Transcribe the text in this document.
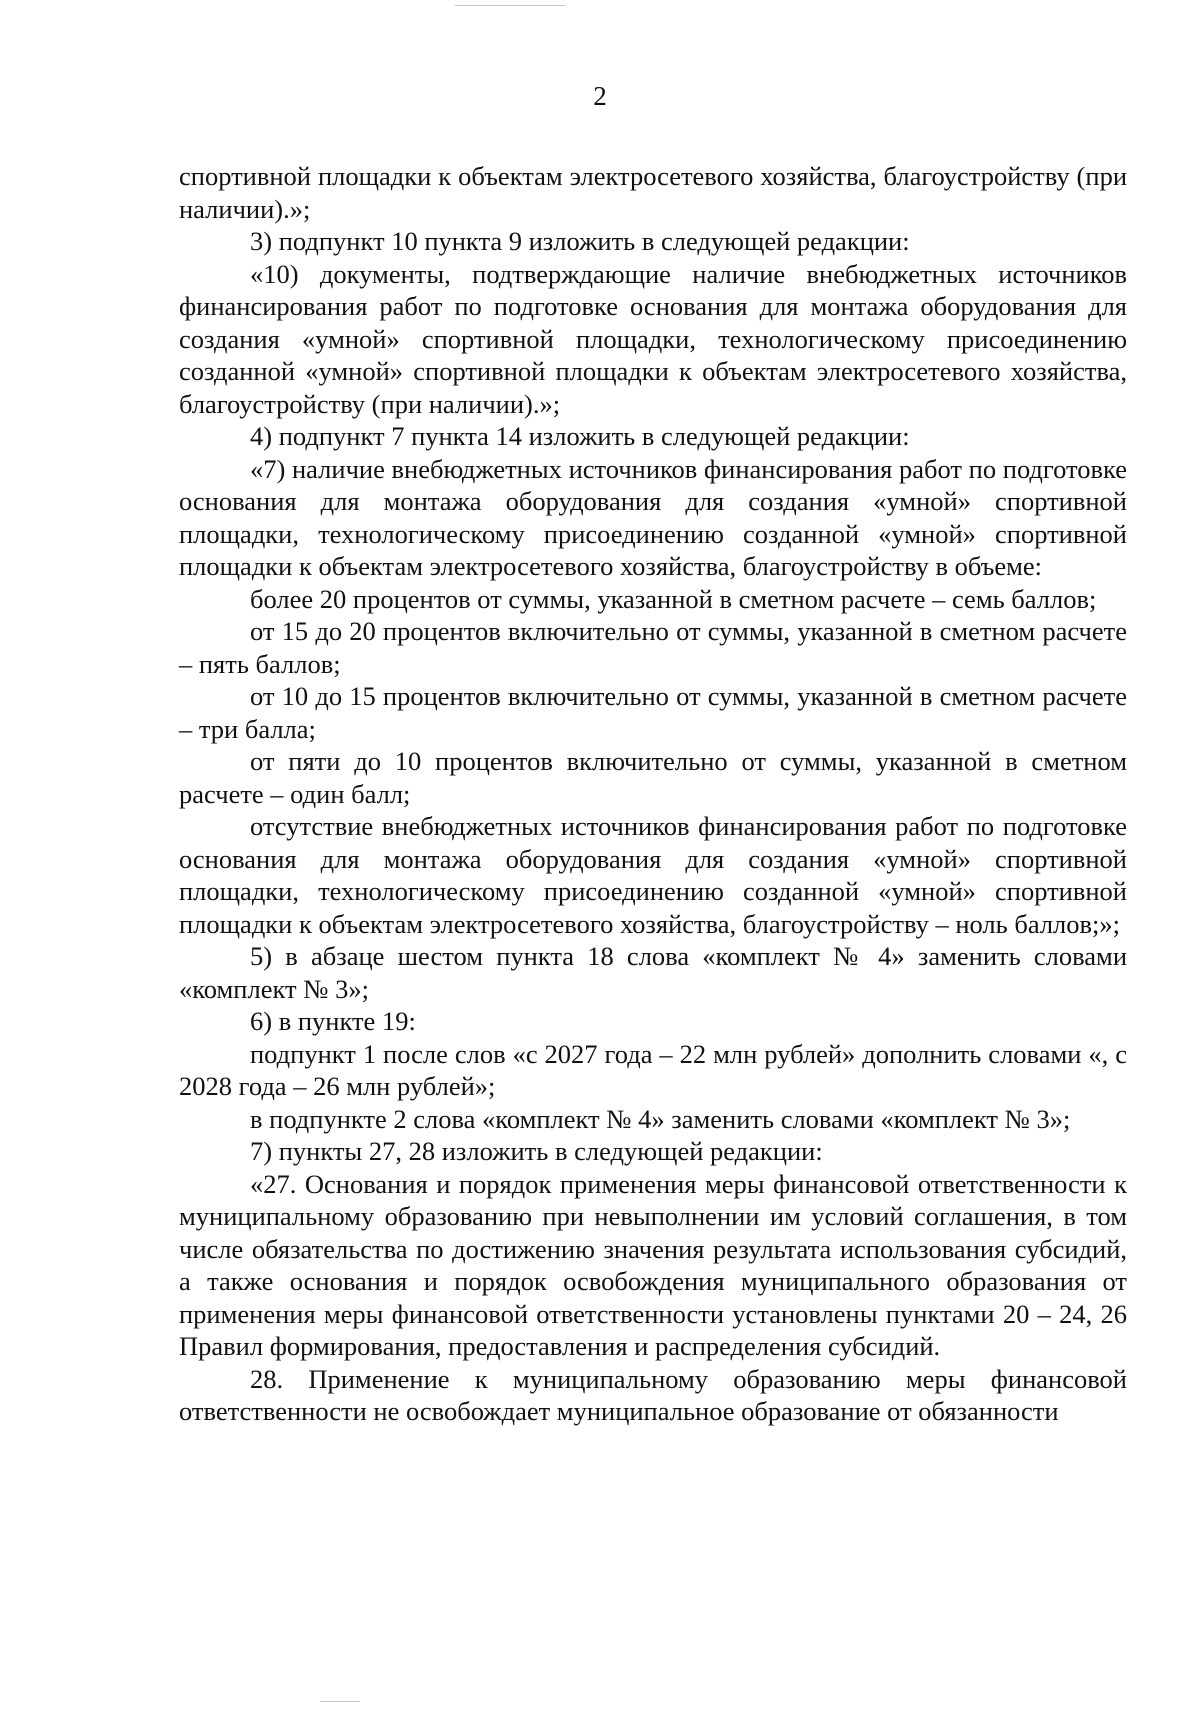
2

спортивной площадки к объектам электросетевого хозяйства, благоустройству (при наличии).»;

3) подпункт 10 пункта 9 изложить в следующей редакции:

«10) документы, подтверждающие наличие внебюджетных источников финансирования работ по подготовке основания для монтажа оборудования для создания «умной» спортивной площадки, технологическому присоединению созданной «умной» спортивной площадки к объектам электросетевого хозяйства, благоустройству (при наличии).»;

4) подпункт 7 пункта 14 изложить в следующей редакции:

«7) наличие внебюджетных источников финансирования работ по подготовке основания для монтажа оборудования для создания «умной» спортивной площадки, технологическому присоединению созданной «умной» спортивной площадки к объектам электросетевого хозяйства, благоустройству в объеме:

более 20 процентов от суммы, указанной в сметном расчете – семь баллов;

от 15 до 20 процентов включительно от суммы, указанной в сметном расчете – пять баллов;

от 10 до 15 процентов включительно от суммы, указанной в сметном расчете – три балла;

от пяти до 10 процентов включительно от суммы, указанной в сметном расчете – один балл;

отсутствие внебюджетных источников финансирования работ по подготовке основания для монтажа оборудования для создания «умной» спортивной площадки, технологическому присоединению созданной «умной» спортивной площадки к объектам электросетевого хозяйства, благоустройству – ноль баллов;»;

5) в абзаце шестом пункта 18 слова «комплект № 4» заменить словами «комплект № 3»;

6) в пункте 19:

подпункт 1 после слов «с 2027 года – 22 млн рублей» дополнить словами «, с 2028 года – 26 млн рублей»;

в подпункте 2 слова «комплект № 4» заменить словами «комплект № 3»;

7) пункты 27, 28 изложить в следующей редакции:

«27. Основания и порядок применения меры финансовой ответственности к муниципальному образованию при невыполнении им условий соглашения, в том числе обязательства по достижению значения результата использования субсидий, а также основания и порядок освобождения муниципального образования от применения меры финансовой ответственности установлены пунктами 20 – 24, 26 Правил формирования, предоставления и распределения субсидий.

28. Применение к муниципальному образованию меры финансовой ответственности не освобождает муниципальное образование от обязанности
